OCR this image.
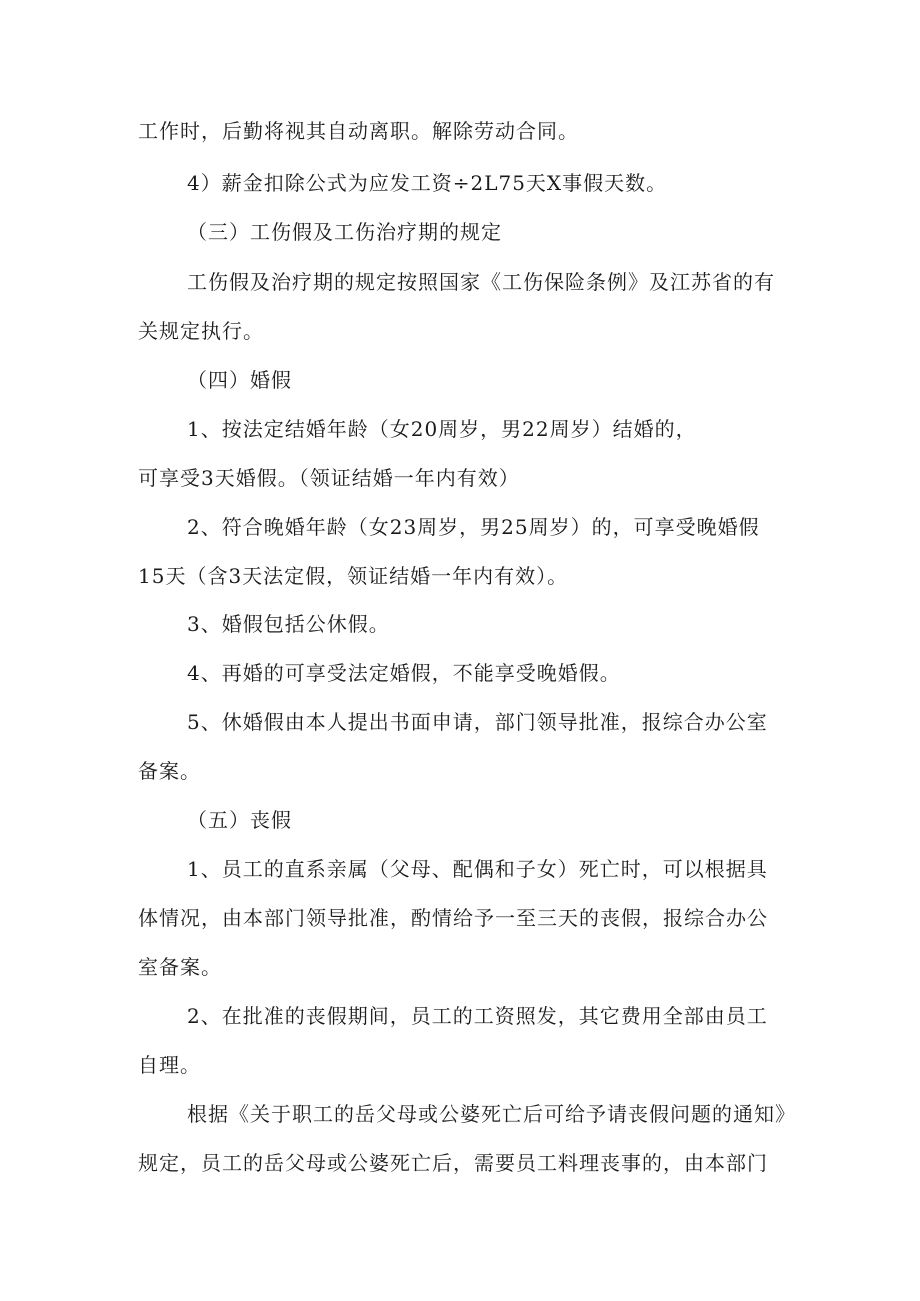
工作时，后勤将视其自动离职。解除劳动合同。
4）薪金扣除公式为应发工资÷2L75天X事假天数。
（三）工伤假及工伤治疗期的规定
工伤假及治疗期的规定按照国家《工伤保险条例》及江苏省的有
关规定执行。
（四）婚假
1、按法定结婚年龄（女20周岁，男22周岁）结婚的，
可享受3天婚假。（领证结婚一年内有效）
2、符合晚婚年龄（女23周岁，男25周岁）的，可享受晚婚假
15天（含3天法定假，领证结婚一年内有效）。
3、婚假包括公休假。
4、再婚的可享受法定婚假，不能享受晚婚假。
5、休婚假由本人提出书面申请，部门领导批准，报综合办公室
备案。
（五）丧假
1、员工的直系亲属（父母、配偶和子女）死亡时，可以根据具
体情况，由本部门领导批准，酌情给予一至三天的丧假，报综合办公
室备案。
2、在批准的丧假期间，员工的工资照发，其它费用全部由员工
自理。
根据《关于职工的岳父母或公婆死亡后可给予请丧假问题的通知》
规定，员工的岳父母或公婆死亡后，需要员工料理丧事的，由本部门
